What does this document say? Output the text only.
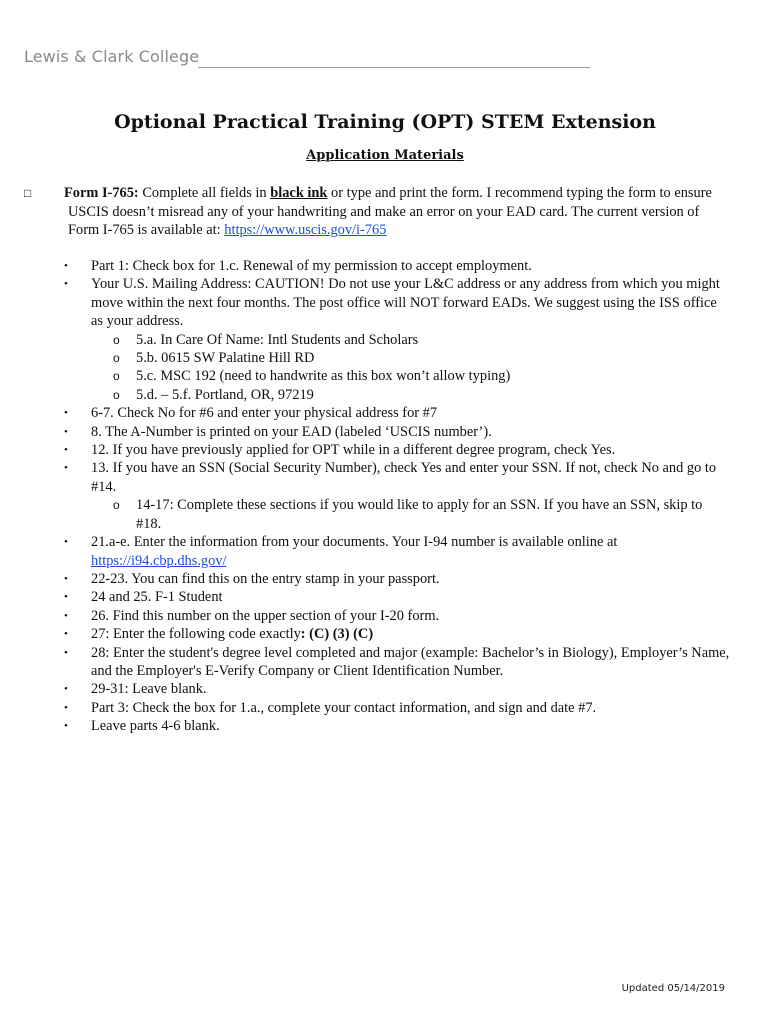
Lewis & Clark College
Optional Practical Training (OPT) STEM Extension
Application Materials
□ Form I-765: Complete all fields in black ink or type and print the form. I recommend typing the form to ensure USCIS doesn’t misread any of your handwriting and make an error on your EAD card. The current version of Form I-765 is available at: https://www.uscis.gov/i-765
• Part 1: Check box for 1.c. Renewal of my permission to accept employment.
• Your U.S. Mailing Address: CAUTION! Do not use your L&C address or any address from which you might move within the next four months. The post office will NOT forward EADs. We suggest using the ISS office as your address.
o 5.a. In Care Of Name: Intl Students and Scholars
o 5.b. 0615 SW Palatine Hill RD
o 5.c. MSC 192 (need to handwrite as this box won’t allow typing)
o 5.d. – 5.f. Portland, OR, 97219
• 6-7. Check No for #6 and enter your physical address for #7
• 8. The A-Number is printed on your EAD (labeled ‘USCIS number’).
• 12. If you have previously applied for OPT while in a different degree program, check Yes.
• 13. If you have an SSN (Social Security Number), check Yes and enter your SSN. If not, check No and go to #14.
o 14-17: Complete these sections if you would like to apply for an SSN. If you have an SSN, skip to #18.
• 21.a-e. Enter the information from your documents. Your I-94 number is available online at https://i94.cbp.dhs.gov/
• 22-23. You can find this on the entry stamp in your passport.
• 24 and 25. F-1 Student
• 26. Find this number on the upper section of your I-20 form.
• 27: Enter the following code exactly: (C) (3) (C)
• 28: Enter the student's degree level completed and major (example: Bachelor’s in Biology), Employer’s Name, and the Employer's E-Verify Company or Client Identification Number.
• 29-31: Leave blank.
• Part 3: Check the box for 1.a., complete your contact information, and sign and date #7.
• Leave parts 4-6 blank.
Updated 05/14/2019
